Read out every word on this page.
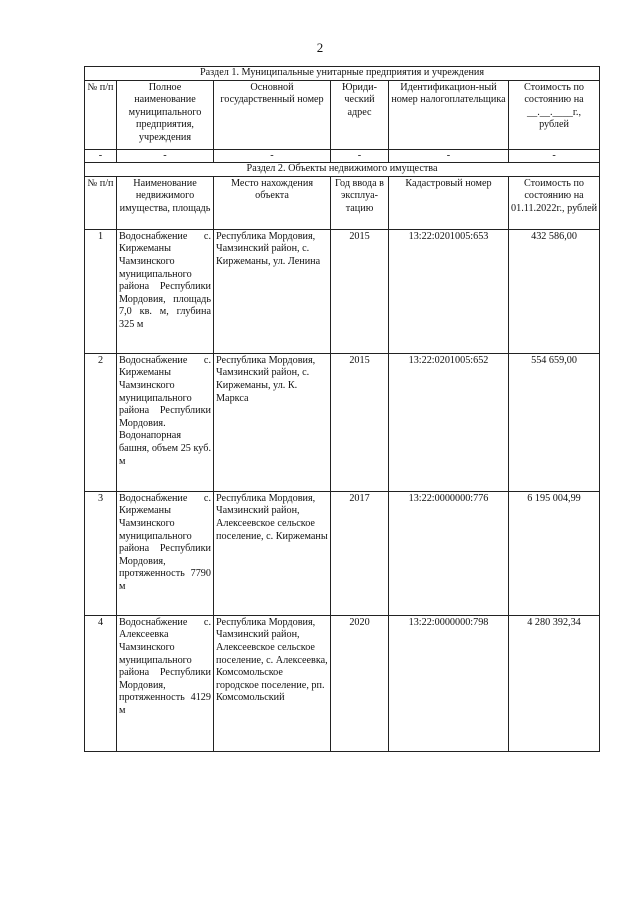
2
Раздел 1. Муниципальные унитарные предприятия и учреждения					
№ п/п	Полное наименование муниципального предприятия, учреждения	Основной государственный номер	Юриди-ческий адрес	Идентификацион-ный номер налогоплательщика	Стоимость по состоянию на __.__.____г., рублей
-	-	-	-	-	-
Раздел 2. Объекты недвижимого имущества					
№ п/п	Наименование недвижимого имущества, площадь	Место нахождения объекта	Год ввода в эксплуа-тацию	Кадастровый номер	Стоимость по состоянию на 01.11.2022г., рублей
1	Водоснабжение с. Киржеманы Чамзинского муниципального района Республики Мордовия, площадь 7,0 кв. м, глубина 325 м	Республика Мордовия, Чамзинский район, с. Киржеманы, ул. Ленина	2015	13:22:0201005:653	432 586,00
2	Водоснабжение с. Киржеманы Чамзинского муниципального района Республики Мордовия. Водонапорная башня, объем 25 куб. м	Республика Мордовия, Чамзинский район, с. Киржеманы, ул. К. Маркса	2015	13:22:0201005:652	554 659,00
3	Водоснабжение с. Киржеманы Чамзинского муниципального района Республики Мордовия, протяженность 7790 м	Республика Мордовия, Чамзинский район, Алексеевское сельское поселение, с. Киржеманы	2017	13:22:0000000:776	6 195 004,99
4	Водоснабжение с. Алексеевка Чамзинского муниципального района Республики Мордовия, протяженность 4129 м	Республика Мордовия, Чамзинский район, Алексеевское сельское поселение, с. Алексеевка, Комсомольское городское поселение, рп. Комсомольский	2020	13:22:0000000:798	4 280 392,34
